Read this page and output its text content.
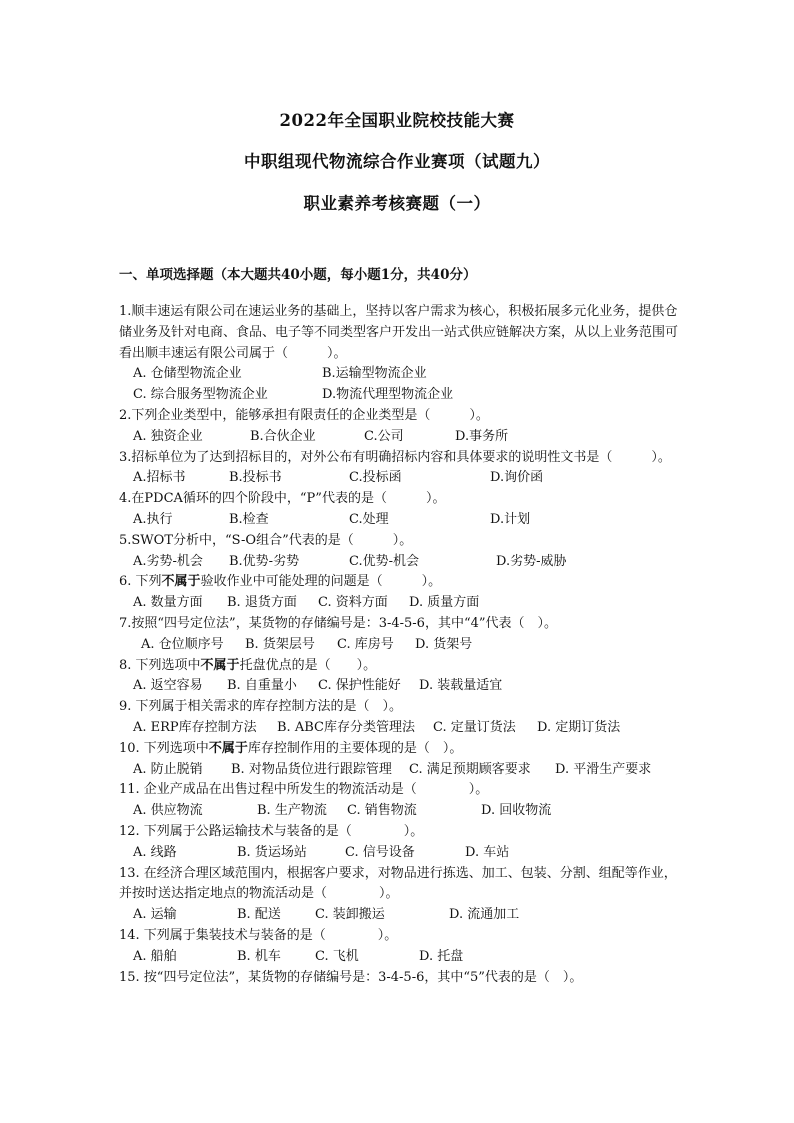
2022年全国职业院校技能大赛
中职组现代物流综合作业赛项（试题九）
职业素养考核赛题（一）
一、单项选择题（本大题共40小题，每小题1分，共40分）

1.顺丰速运有限公司在速运业务的基础上，坚持以客户需求为核心，积极拓展多元化业务，提供仓储业务及针对电商、食品、电子等不同类型客户开发出一站式供应链解决方案，从以上业务范围可看出顺丰速运有限公司属于（　　　）。

A. 仓储型物流企业	B.运输型物流企业
C. 综合服务型物流企业	D.物流代理型物流企业

2.下列企业类型中，能够承担有限责任的企业类型是（　　　）。

A. 独资企业	B.合伙企业	C.公司	D.事务所

3.招标单位为了达到招标目的，对外公布有明确招标内容和具体要求的说明性文书是（　　　）。

A.招标书	B.投标书	C.投标函	D.询价函

4.在PDCA循环的四个阶段中，“P”代表的是（　　　）。

A.执行	B.检查	C.处理	D.计划

5.SWOT分析中，“S-O组合”代表的是（　　　）。

A.劣势-机会 B.优势-劣势	C.优势-机会	D.劣势-威胁

6. 下列不属于验收作业中可能处理的问题是（　　　）。

A. 数量方面 B. 退货方面 C. 资料方面 D. 质量方面

7.按照“四号定位法”，某货物的存储编号是：3-4-5-6，其中“4”代表（　）。

A. 仓位顺序号 B. 货架层号 C. 库房号 D. 货架号

8. 下列选项中不属于托盘优点的是（　　）。

A. 返空容易 B. 自重量小 C. 保护性能好 D. 装载量适宜

9. 下列属于相关需求的库存控制方法的是（　）。

A. ERP库存控制方法 B. ABC库存分类管理法 C. 定量订货法 D. 定期订货法

10. 下列选项中不属于库存控制作用的主要体现的是（　）。

A. 防止脱销 B. 对物品货位进行跟踪管理 C. 满足预期顾客要求 D. 平滑生产要求

11. 企业产成品在出售过程中所发生的物流活动是（　　　　）。

A. 供应物流	B. 生产物流 C. 销售物流	D. 回收物流

12. 下列属于公路运输技术与装备的是（　　　　）。

A. 线路	B. 货运场站	C. 信号设备	D. 车站

13. 在经济合理区域范围内，根据客户要求，对物品进行拣选、加工、包装、分割、组配等作业，并按时送达指定地点的物流活动是（　　　　）。

A. 运输	B. 配送	C. 装卸搬运	D. 流通加工

14. 下列属于集装技术与装备的是（　　　　）。

A. 船舶	B. 机车	C. 飞机	D. 托盘

15. 按“四号定位法”，某货物的存储编号是：3-4-5-6，其中“5”代表的是（　）。
